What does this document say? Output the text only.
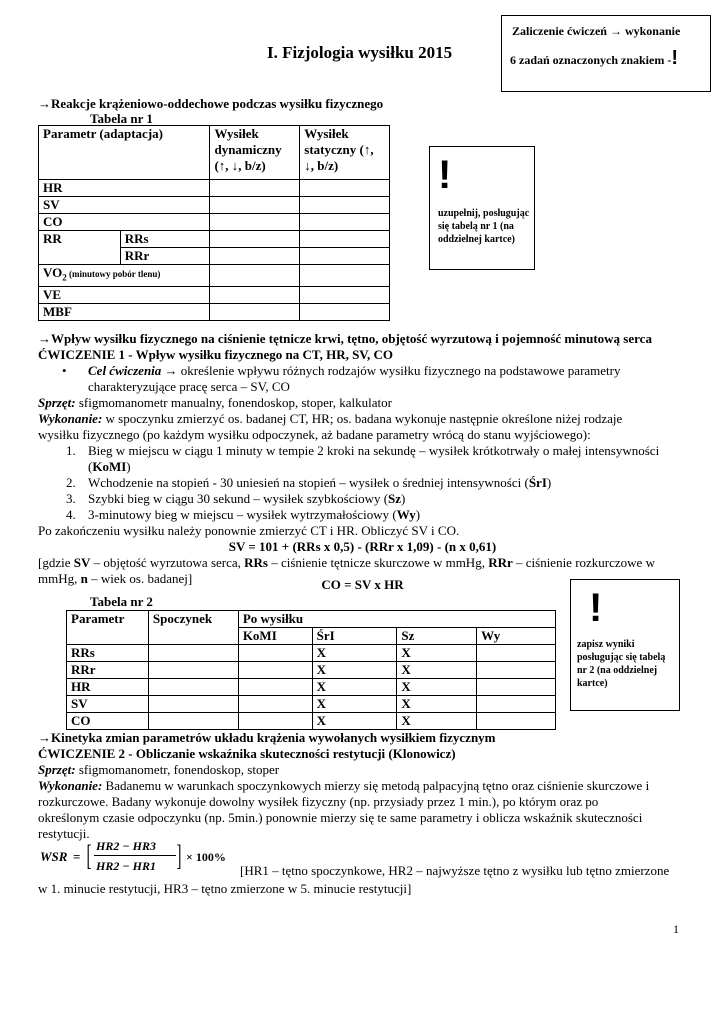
Zaliczenie ćwiczeń → wykonanie
6 zadań oznaczonych znakiem -!
I. Fizjologia wysiłku 2015
→Reakcje krążeniowo-oddechowe podczas wysiłku fizycznego
Tabela nr 1
Parametr (adaptacja)		Wysiłek dynamiczny (↑, ↓, b/z)	Wysiłek statyczny (↑, ↓, b/z)
HR			
SV			
CO			
RR	RRs		
	RRr		
$VO_2$ (minutowy pobór tlenu)			
VE			
MBF			
!
uzupełnij, posługując się tabelą nr 1 (na oddzielnej kartce)
→Wpływ wysiłku fizycznego na ciśnienie tętnicze krwi, tętno, objętość wyrzutową i pojemność minutową serca
ĆWICZENIE 1 - Wpływ wysiłku fizycznego na CT, HR, SV, CO
• Cel ćwiczenia → określenie wpływu różnych rodzajów wysiłku fizycznego na podstawowe parametry
charakteryzujące pracę serca – SV, CO
Sprzęt: sfigmomanometr manualny, fonendoskop, stoper, kalkulator
Wykonanie: w spoczynku zmierzyć os. badanej CT, HR; os. badana wykonuje następnie określone niżej rodzaje
wysiłku fizycznego (po każdym wysiłku odpoczynek, aż badane parametry wrócą do stanu wyjściowego):
1. Bieg w miejscu w ciągu 1 minuty w tempie 2 kroki na sekundę – wysiłek krótkotrwały o małej intensywności
(KoMI)
2. Wchodzenie na stopień - 30 uniesień na stopień – wysiłek o średniej intensywności (ŚrI)
3. Szybki bieg w ciągu 30 sekund – wysiłek szybkościowy (Sz)
4. 3-minutowy bieg w miejscu – wysiłek wytrzymałościowy (Wy)
Po zakończeniu wysiłku należy ponownie zmierzyć CT i HR. Obliczyć SV i CO.
SV = 101 + (RRs x 0,5) - (RRr x 1,09) - (n x 0,61)
[gdzie SV – objętość wyrzutowa serca, RRs – ciśnienie tętnicze skurczowe w mmHg, RRr – ciśnienie rozkurczowe w
mmHg, n – wiek os. badanej]	CO = SV x HR
Tabela nr 2
Parametr	Spoczynek	Po wysiłku			
		KoMI	ŚrI	Sz	Wy
RRs			X	X	
RRr			X	X	
HR			X	X	
SV			X	X	
CO			X	X	
!
zapisz wyniki posługując się tabelą nr 2 (na oddzielnej kartce)
→Kinetyka zmian parametrów układu krążenia wywołanych wysiłkiem fizycznym
ĆWICZENIE 2 - Obliczanie wskaźnika skuteczności restytucji (Klonowicz)
Sprzęt: sfigmomanometr, fonendoskop, stoper
Wykonanie: Badanemu w warunkach spoczynkowych mierzy się metodą palpacyjną tętno oraz ciśnienie skurczowe i
rozkurczowe. Badany wykonuje dowolny wysiłek fizyczny (np. przysiady przez 1 min.), po którym oraz po
określonym czasie odpoczynku (np. 5min.) ponownie mierzy się te same parametry i oblicza wskaźnik skuteczności
restytucji.
WSR = [ HR2 − HR3
HR2 − HR1 ] × 100%
[HR1 – tętno spoczynkowe, HR2 – najwyższe tętno z wysiłku lub tętno zmierzone
w 1. minucie restytucji, HR3 – tętno zmierzone w 5. minucie restytucji]
1
